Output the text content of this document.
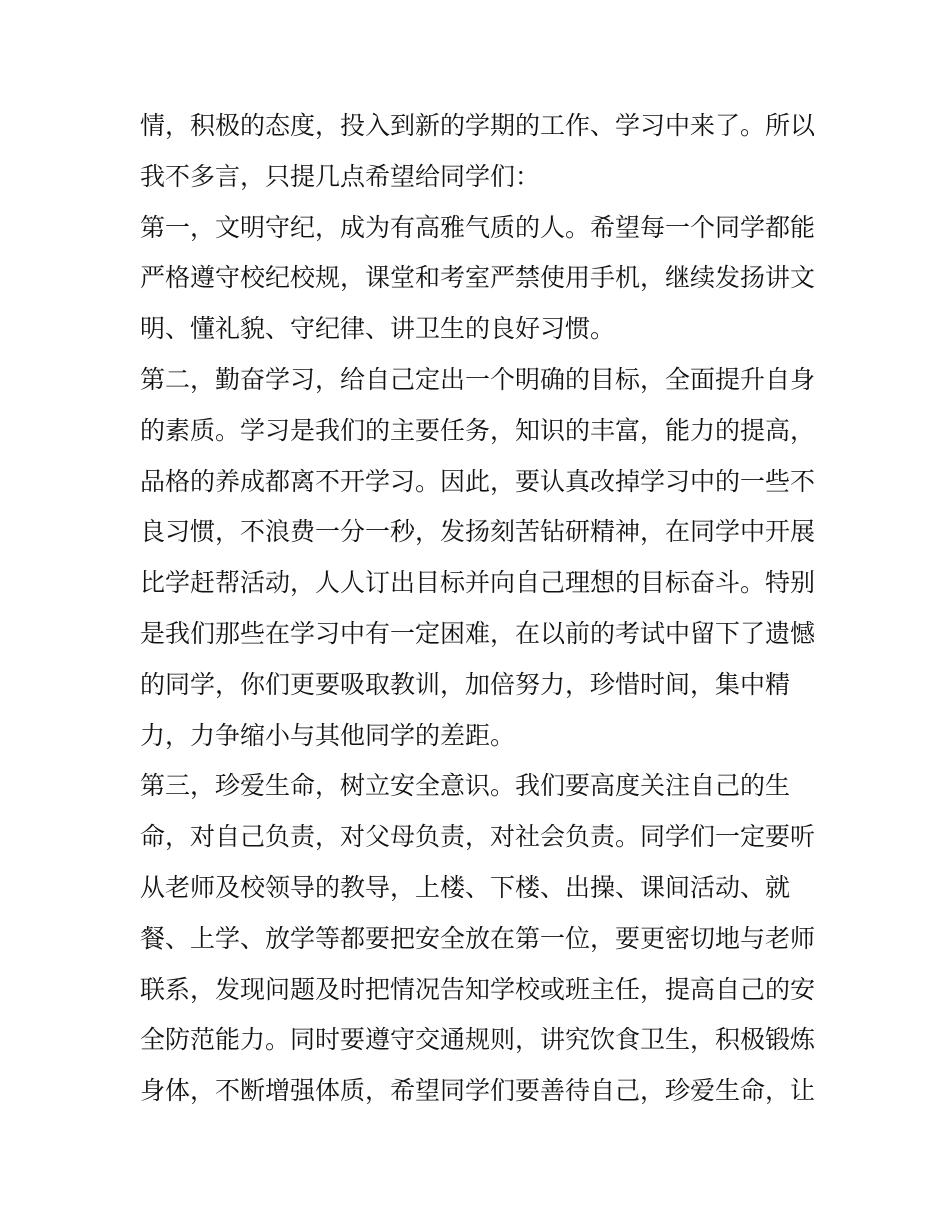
情，积极的态度，投入到新的学期的工作、学习中来了。所以
我不多言，只提几点希望给同学们：
第一，文明守纪，成为有高雅气质的人。希望每一个同学都能
严格遵守校纪校规，课堂和考室严禁使用手机，继续发扬讲文
明、懂礼貌、守纪律、讲卫生的良好习惯。
第二，勤奋学习，给自己定出一个明确的目标，全面提升自身
的素质。学习是我们的主要任务，知识的丰富，能力的提高，
品格的养成都离不开学习。因此，要认真改掉学习中的一些不
良习惯，不浪费一分一秒，发扬刻苦钻研精神，在同学中开展
比学赶帮活动，人人订出目标并向自己理想的目标奋斗。特别
是我们那些在学习中有一定困难，在以前的考试中留下了遗憾
的同学，你们更要吸取教训，加倍努力，珍惜时间，集中精
力，力争缩小与其他同学的差距。
第三，珍爱生命，树立安全意识。我们要高度关注自己的生
命，对自己负责，对父母负责，对社会负责。同学们一定要听
从老师及校领导的教导，上楼、下楼、出操、课间活动、就
餐、上学、放学等都要把安全放在第一位，要更密切地与老师
联系，发现问题及时把情况告知学校或班主任，提高自己的安
全防范能力。同时要遵守交通规则，讲究饮食卫生，积极锻炼
身体，不断增强体质，希望同学们要善待自己，珍爱生命，让
